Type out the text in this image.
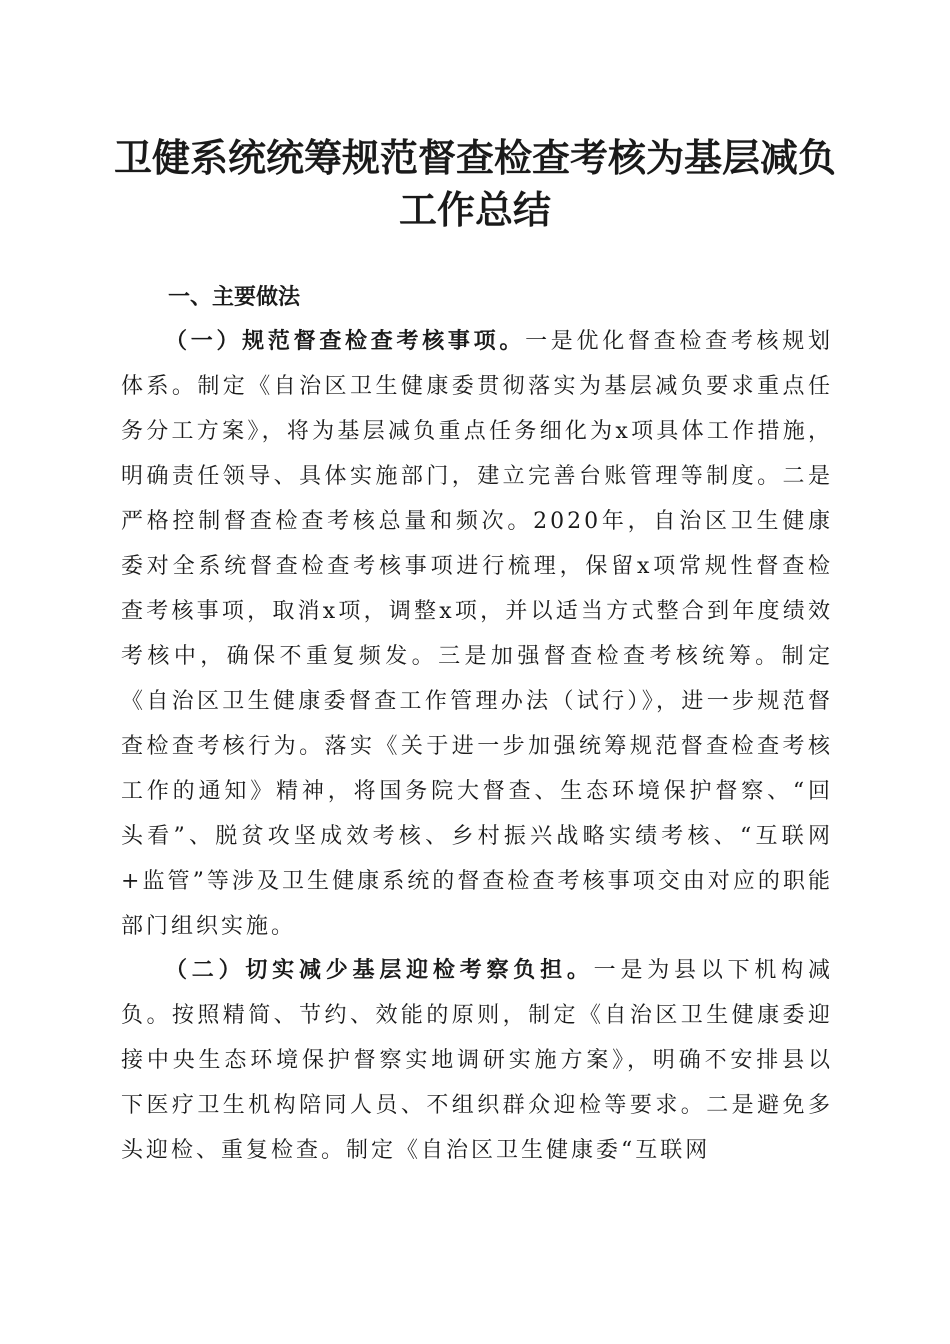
卫健系统统筹规范督查检查考核为基层减负工作总结
一、主要做法

（一）规范督查检查考核事项。一是优化督查检查考核规划体系。制定《自治区卫生健康委贯彻落实为基层减负要求重点任务分工方案》，将为基层减负重点任务细化为x项具体工作措施，明确责任领导、具体实施部门，建立完善台账管理等制度。二是严格控制督查检查考核总量和频次。2020年，自治区卫生健康委对全系统督查检查考核事项进行梳理，保留x项常规性督查检查考核事项，取消x项，调整x项，并以适当方式整合到年度绩效考核中，确保不重复频发。三是加强督查检查考核统筹。制定《自治区卫生健康委督查工作管理办法（试行）》，进一步规范督查检查考核行为。落实《关于进一步加强统筹规范督查检查考核工作的通知》精神，将国务院大督查、生态环境保护督察、“回头看”、脱贫攻坚成效考核、乡村振兴战略实绩考核、“互联网+监管”等涉及卫生健康系统的督查检查考核事项交由对应的职能部门组织实施。

（二）切实减少基层迎检考察负担。一是为县以下机构减负。按照精简、节约、效能的原则，制定《自治区卫生健康委迎接中央生态环境保护督察实地调研实施方案》，明确不安排县以下医疗卫生机构陪同人员、不组织群众迎检等要求。二是避免多头迎检、重复检查。制定《自治区卫生健康委“互联网
